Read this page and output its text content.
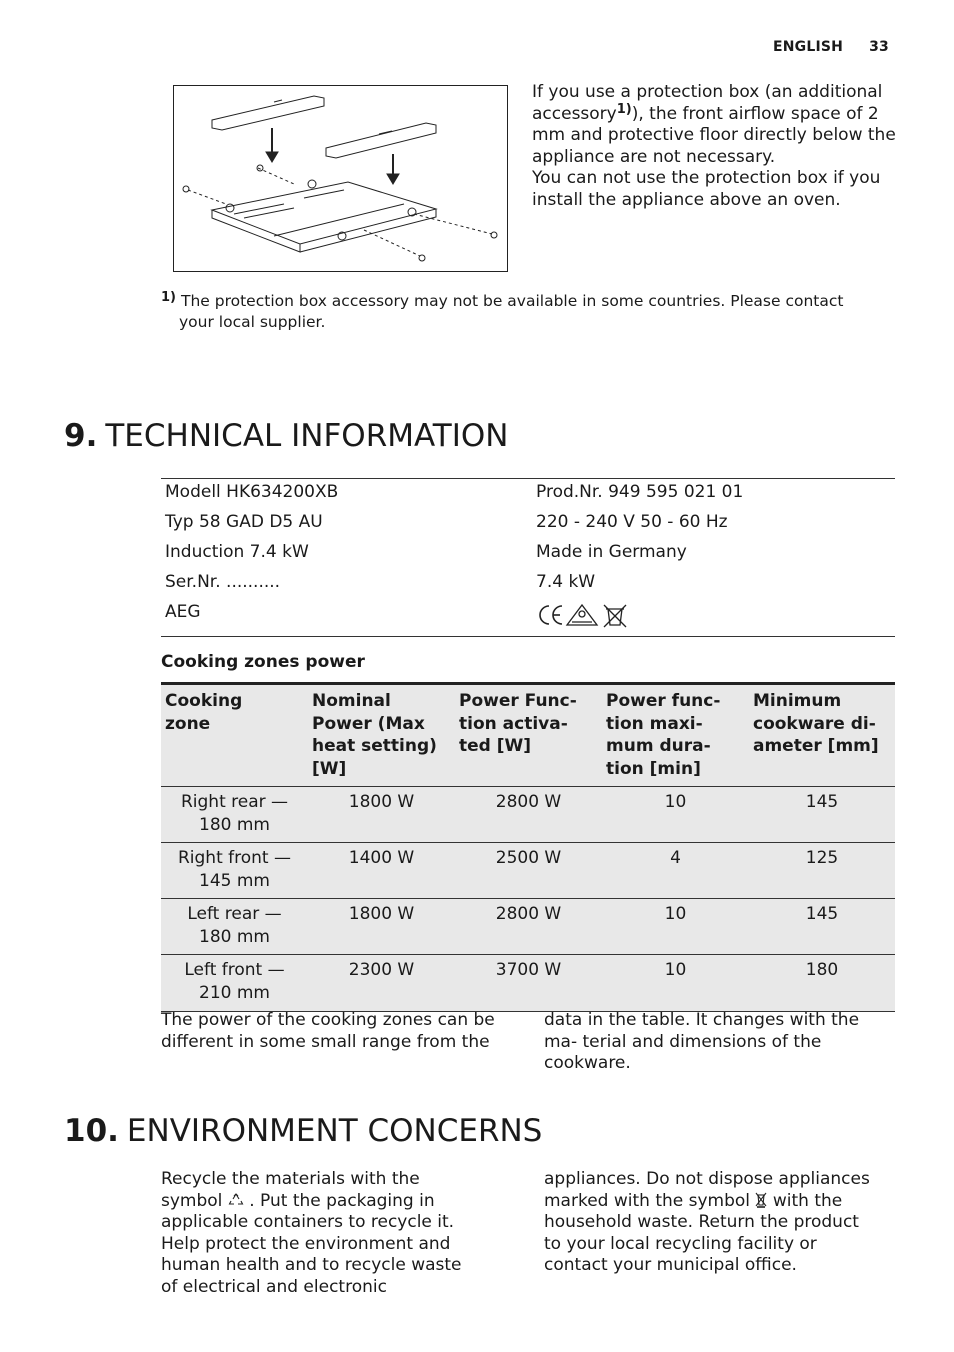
ENGLISH 33
If you use a protection box (an additional accessory$^{1)}$), the front airflow space of 2 mm and protective floor directly below the appliance are not necessary.
You can not use the protection box if you install the appliance above an oven.
$^{1)}$ The protection box accessory may not be available in some countries. Please contact
your local supplier.
9. TECHNICAL INFORMATION
Modell HK634200XB	Prod.Nr. 949 595 021 01
Typ 58 GAD D5 AU	220 - 240 V 50 - 60 Hz
Induction 7.4 kW	Made in Germany
Ser.Nr. ..........	7.4 kW
AEG	
Cooking zones power
Cooking zone	Nominal Power (Max heat setting) [W]	Power Func- tion activa- ted [W]	Power func- tion maxi- mum dura- tion [min]	Minimum cookware di- ameter [mm]
Right rear — 180 mm	1800 W	2800 W	10	145
Right front — 145 mm	1400 W	2500 W	4	125
Left rear — 180 mm	1800 W	2800 W	10	145
Left front — 210 mm	2300 W	3700 W	10	180
The power of the cooking zones can be different in some small range from the
data in the table. It changes with the ma- terial and dimensions of the cookware.
10. ENVIRONMENT CONCERNS
Recycle the materials with the symbol . Put the packaging in applicable containers to recycle it. Help protect the environment and human health and to recycle waste of electrical and electronic
appliances. Do not dispose appliances marked with the symbol with the household waste. Return the product to your local recycling facility or contact your municipal office.
